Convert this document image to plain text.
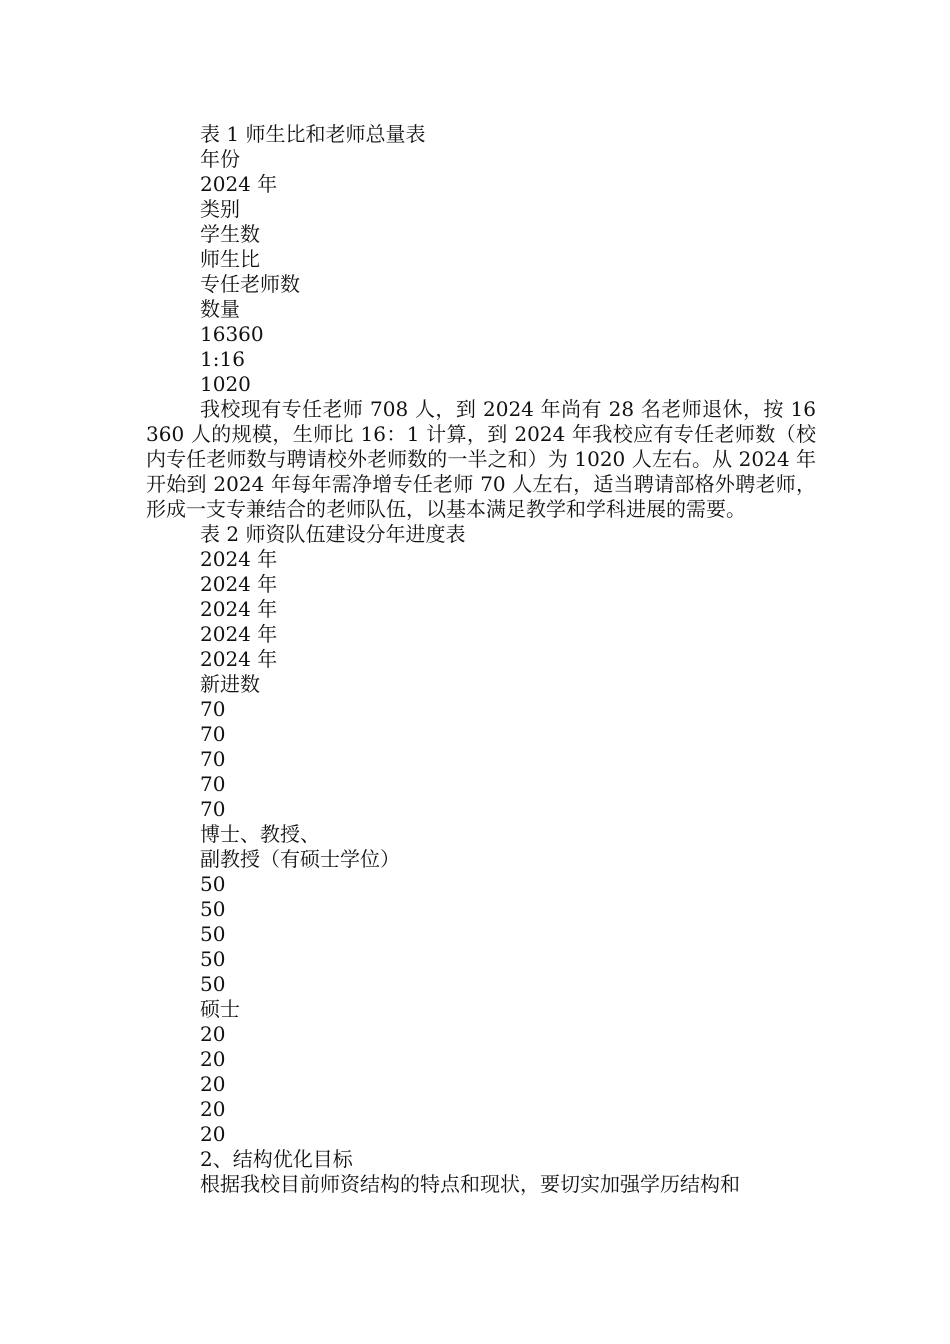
表 1 师生比和老师总量表
年份
2024 年
类别
学生数
师生比
专任老师数
数量
16360
1:16
1020
我校现有专任老师 708 人，到 2024 年尚有 28 名老师退休，按 16360 人的规模，生师比 16：1 计算，到 2024 年我校应有专任老师数（校内专任老师数与聘请校外老师数的一半之和）为 1020 人左右。从 2024 年开始到 2024 年每年需净增专任老师 70 人左右，适当聘请部格外聘老师，形成一支专兼结合的老师队伍，以基本满足教学和学科进展的需要。
表 2 师资队伍建设分年进度表
2024 年
2024 年
2024 年
2024 年
2024 年
新进数
70
70
70
70
70
博士、教授、
副教授（有硕士学位）
50
50
50
50
50
硕士
20
20
20
20
20
2、结构优化目标
根据我校目前师资结构的特点和现状，要切实加强学历结构和
